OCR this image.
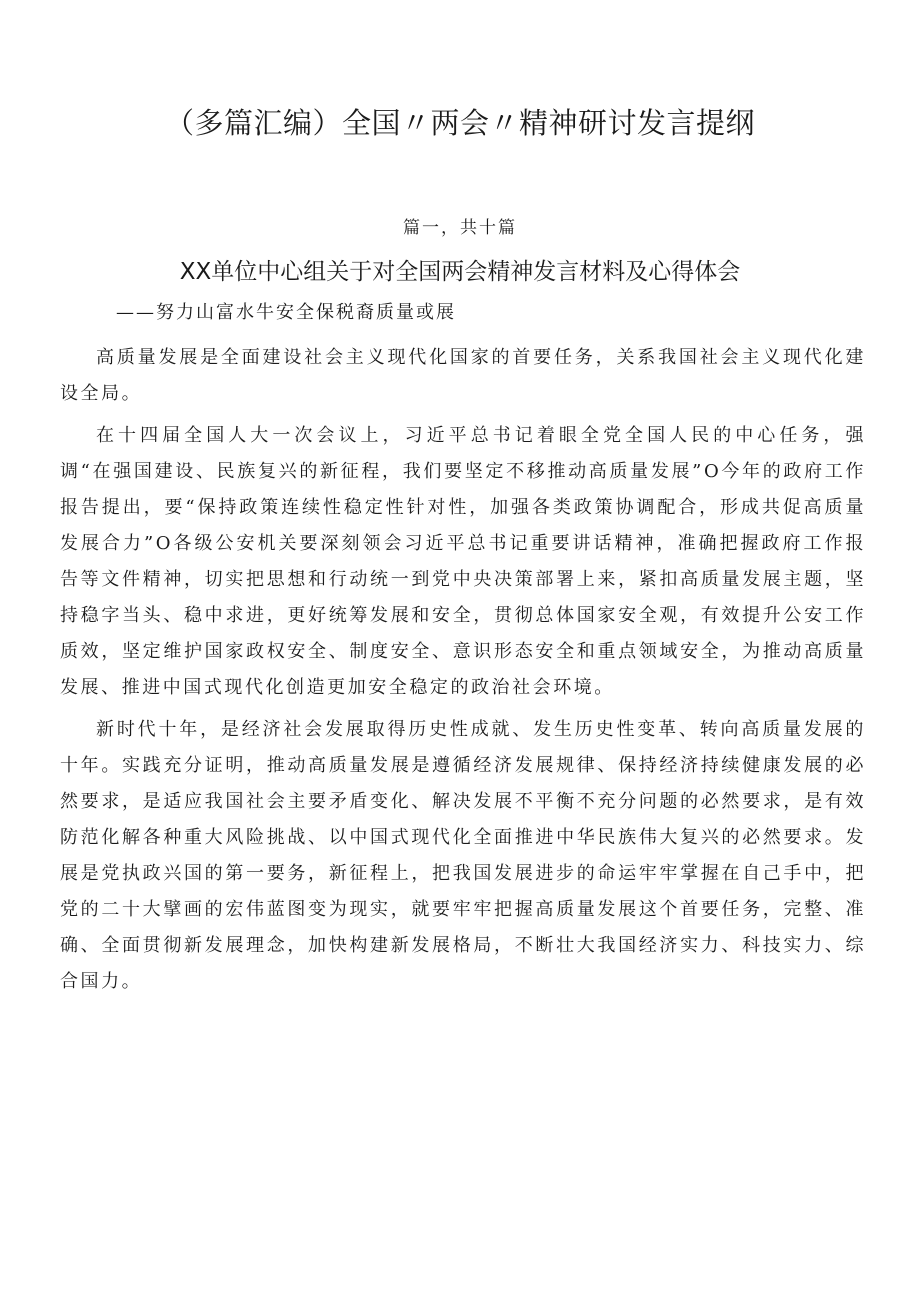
（多篇汇编）全国〃两会〃精神研讨发言提纲
篇一，共十篇
XX单位中心组关于对全国两会精神发言材料及心得体会
——努力山富水牛安全保税裔质量或展

高质量发展是全面建设社会主义现代化国家的首要任务，关系我国社会主义现代化建设全局。

在十四届全国人大一次会议上，习近平总书记着眼全党全国人民的中心任务，强调“在强国建设、民族复兴的新征程，我们要坚定不移推动高质量发展”O今年的政府工作报告提出，要“保持政策连续性稳定性针对性，加强各类政策协调配合，形成共促高质量发展合力”O各级公安机关要深刻领会习近平总书记重要讲话精神，准确把握政府工作报告等文件精神，切实把思想和行动统一到党中央决策部署上来，紧扣高质量发展主题，坚持稳字当头、稳中求进，更好统筹发展和安全，贯彻总体国家安全观，有效提升公安工作质效，坚定维护国家政权安全、制度安全、意识形态安全和重点领域安全，为推动高质量发展、推进中国式现代化创造更加安全稳定的政治社会环境。

新时代十年，是经济社会发展取得历史性成就、发生历史性变革、转向高质量发展的十年。实践充分证明，推动高质量发展是遵循经济发展规律、保持经济持续健康发展的必然要求，是适应我国社会主要矛盾变化、解决发展不平衡不充分问题的必然要求，是有效防范化解各种重大风险挑战、以中国式现代化全面推进中华民族伟大复兴的必然要求。发展是党执政兴国的第一要务，新征程上，把我国发展进步的命运牢牢掌握在自己手中，把党的二十大擘画的宏伟蓝图变为现实，就要牢牢把握高质量发展这个首要任务，完整、准确、全面贯彻新发展理念，加快构建新发展格局，不断壮大我国经济实力、科技实力、综合国力。
